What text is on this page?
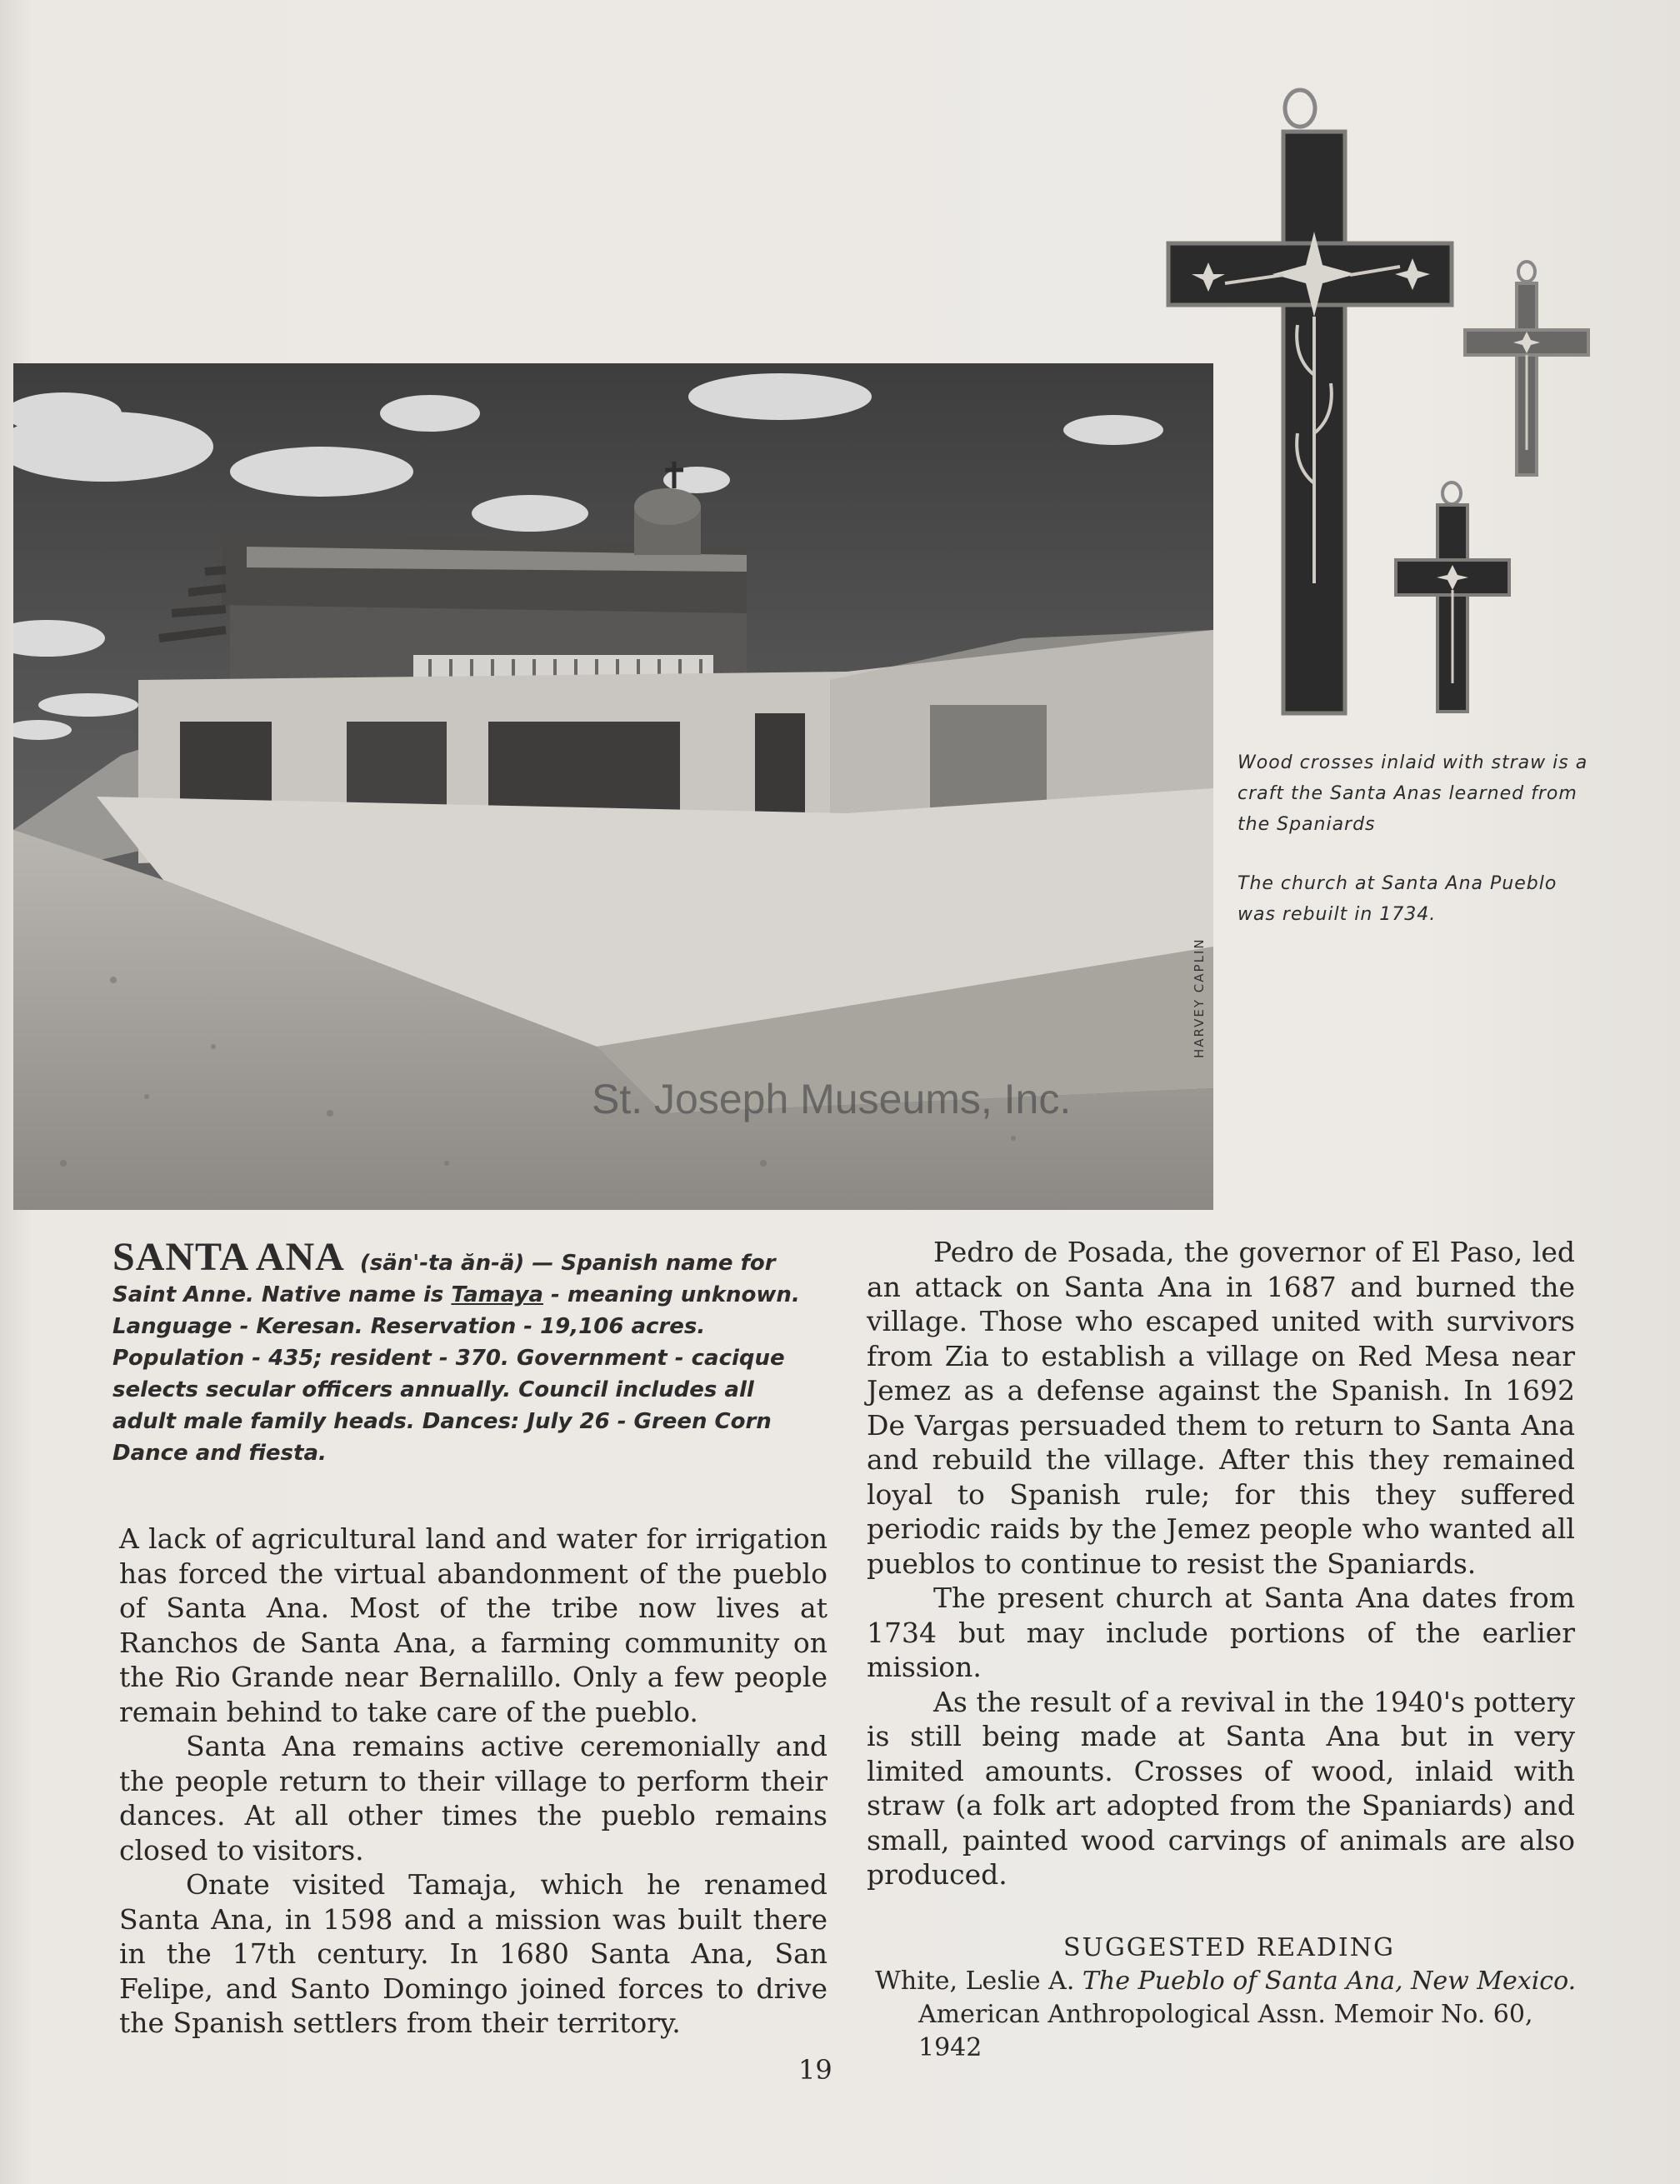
HARVEY CAPLIN
St. Joseph Museums, Inc.
Wood crosses inlaid with straw is a craft the Santa Anas learned from the Spaniards
The church at Santa Ana Pueblo was rebuilt in 1734.
SANTA ANA (sän'-ta ăn-ä) — Spanish name for Saint Anne. Native name is Tamaya - meaning unknown. Language - Keresan. Reservation - 19,106 acres. Population - 435; resident - 370. Government - cacique selects secular officers annually. Council includes all adult male family heads. Dances: July 26 - Green Corn Dance and fiesta.

A lack of agricultural land and water for irrigation has forced the virtual abandonment of the pueblo of Santa Ana. Most of the tribe now lives at Ranchos de Santa Ana, a farming community on the Rio Grande near Bernalillo. Only a few people remain behind to take care of the pueblo.

Santa Ana remains active ceremonially and the people return to their village to perform their dances. At all other times the pueblo remains closed to visitors.

Onate visited Tamaja, which he renamed Santa Ana, in 1598 and a mission was built there in the 17th century. In 1680 Santa Ana, San Felipe, and Santo Domingo joined forces to drive the Spanish settlers from their territory.

Pedro de Posada, the governor of El Paso, led an attack on Santa Ana in 1687 and burned the village. Those who escaped united with survivors from Zia to establish a village on Red Mesa near Jemez as a defense against the Spanish. In 1692 De Vargas persuaded them to return to Santa Ana and rebuild the village. After this they remained loyal to Spanish rule; for this they suffered periodic raids by the Jemez people who wanted all pueblos to continue to resist the Spaniards.

The present church at Santa Ana dates from 1734 but may include portions of the earlier mission.

As the result of a revival in the 1940's pottery is still being made at Santa Ana but in very limited amounts. Crosses of wood, inlaid with straw (a folk art adopted from the Spaniards) and small, painted wood carvings of animals are also produced.

SUGGESTED READING
White, Leslie A. The Pueblo of Santa Ana, New Mexico.
American Anthropological Assn. Memoir No. 60, 1942
19
